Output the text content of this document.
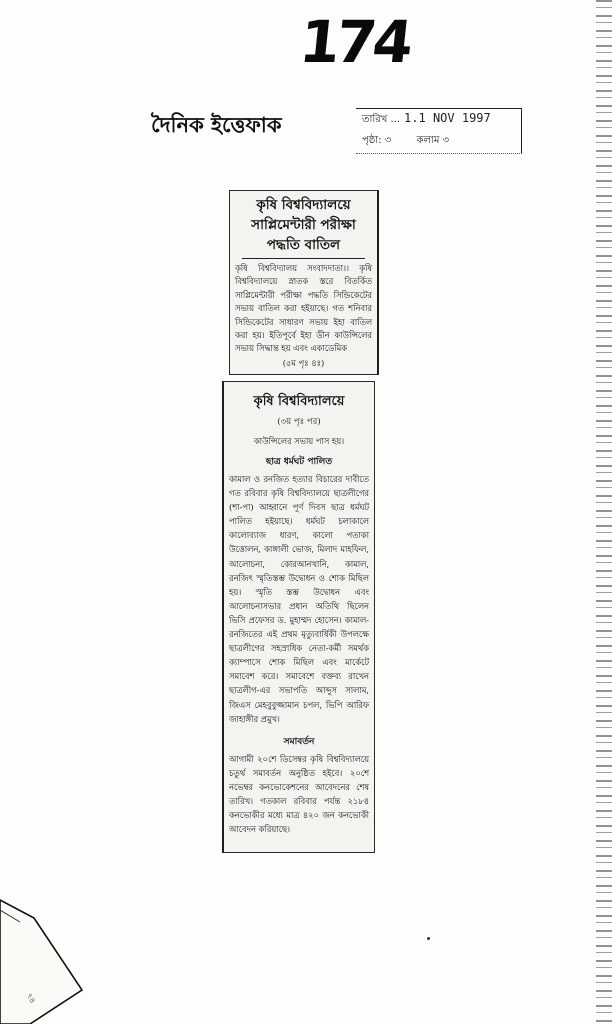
174
দৈনিক ইত্তেফাক	তারিখ ... 1.1 NOV 1997
পৃষ্ঠা: ৩	কলাম ৩
কৃষি বিশ্ববিদ্যালয়ে
সাপ্লিমেন্টারী পরীক্ষা
পদ্ধতি বাতিল

কৃষি বিশ্ববিদ্যালয় সংবাদদাতা।। কৃষি বিশ্ববিদ্যালয়ে স্নাতক স্তরে বিতর্কিত সাপ্লিমেন্টারী পরীক্ষা পদ্ধতি সিন্ডিকেটের সভায় বাতিল করা হইয়াছে। গত শনিবার সিন্ডিকেটের সাধারণ সভায় ইহা বাতিল করা হয়। ইতিপূর্বে ইহা ডীন কাউন্সিলের সভায় সিদ্ধান্ত হয় এবং একাডেমিক

(৫ম পৃঃ ৪ঃ)
কৃষি বিশ্ববিদ্যালয়ে
(৩য় পৃঃ পর)
কাউন্সিলের সভায় পাস হয়।
ছাত্র ধর্মঘট পালিত

কামাল ও রনজিত হত্যার বিচারের দাবীতে গত রবিবার কৃষি বিশ্ববিদ্যালয়ে ছাত্রলীগের (শা-পা) আহ্বানে পূর্ণ দিবস ছাত্র ধর্মঘট পালিত হইয়াছে। ধর্মঘট চলাকালে কালোব্যাজ ধারণ, কালো পতাকা উত্তোলন, কাঙ্গালী ভোজ, মিলাদ মাহফিল, আলোচনা, কোরআনখানি, কামাল, রনজিৎ স্মৃতিস্তম্ভ উদ্বোধন ও শোক মিছিল হয়। স্মৃতি স্তম্ভ উদ্বোধন এবং আলোচনাসভার প্রধান অতিথি ছিলেন ভিসি প্রফেসর ড. মুহাম্মদ হোসেন। কামাল-রনজিতের এই প্রথম মৃত্যুবার্ষিকী উপলক্ষে ছাত্রলীগের সহস্রাধিক নেতা-কর্মী সমর্থক ক্যাম্পাসে শোক মিছিল এবং মার্কেটে সমাবেশ করে। সমাবেশে বক্তব্য রাখেন ছাত্রলীগ-এর সভাপতি আব্দুস সালাম, জিএস মেহবুবুজ্জামান চপল, ভিপি আরিফ জাহাঙ্গীর প্রমুখ।

সমাবর্তন

আগামী ২০শে ডিসেম্বর কৃষি বিশ্ববিদ্যালয়ে চতুর্থ সমাবর্তন অনুষ্ঠিত হইবে। ২০শে নভেম্বর কনভোকেশনের আবেদনের শেষ তারিখ। গতকাল রবিবার পর্যন্ত ২১৮৪ কনভোকীর মধ্যে মাত্র ৪২০ জন কনভোকী আবেদন করিয়াছে।

৭৪
